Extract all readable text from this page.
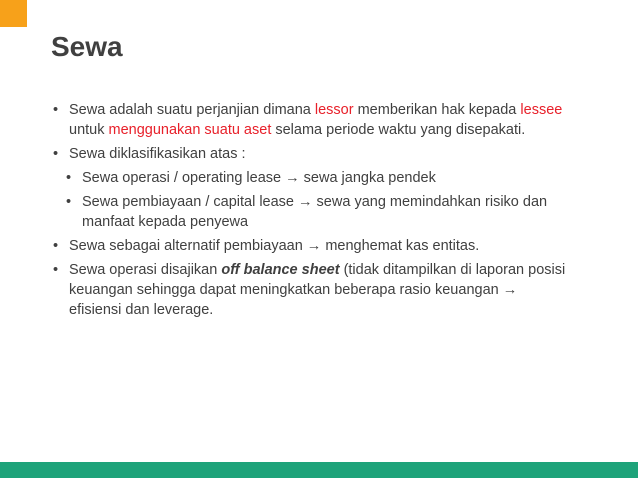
Sewa
• Sewa adalah suatu perjanjian dimana lessor memberikan hak kepada lessee untuk menggunakan suatu aset selama periode waktu yang disepakati.
• Sewa diklasifikasikan atas :
• Sewa operasi / operating lease → sewa jangka pendek
• Sewa pembiayaan / capital lease → sewa yang memindahkan risiko dan manfaat kepada penyewa
• Sewa sebagai alternatif pembiayaan → menghemat kas entitas.
• Sewa operasi disajikan off balance sheet (tidak ditampilkan di laporan posisi keuangan sehingga dapat meningkatkan beberapa rasio keuangan → efisiensi dan leverage.
